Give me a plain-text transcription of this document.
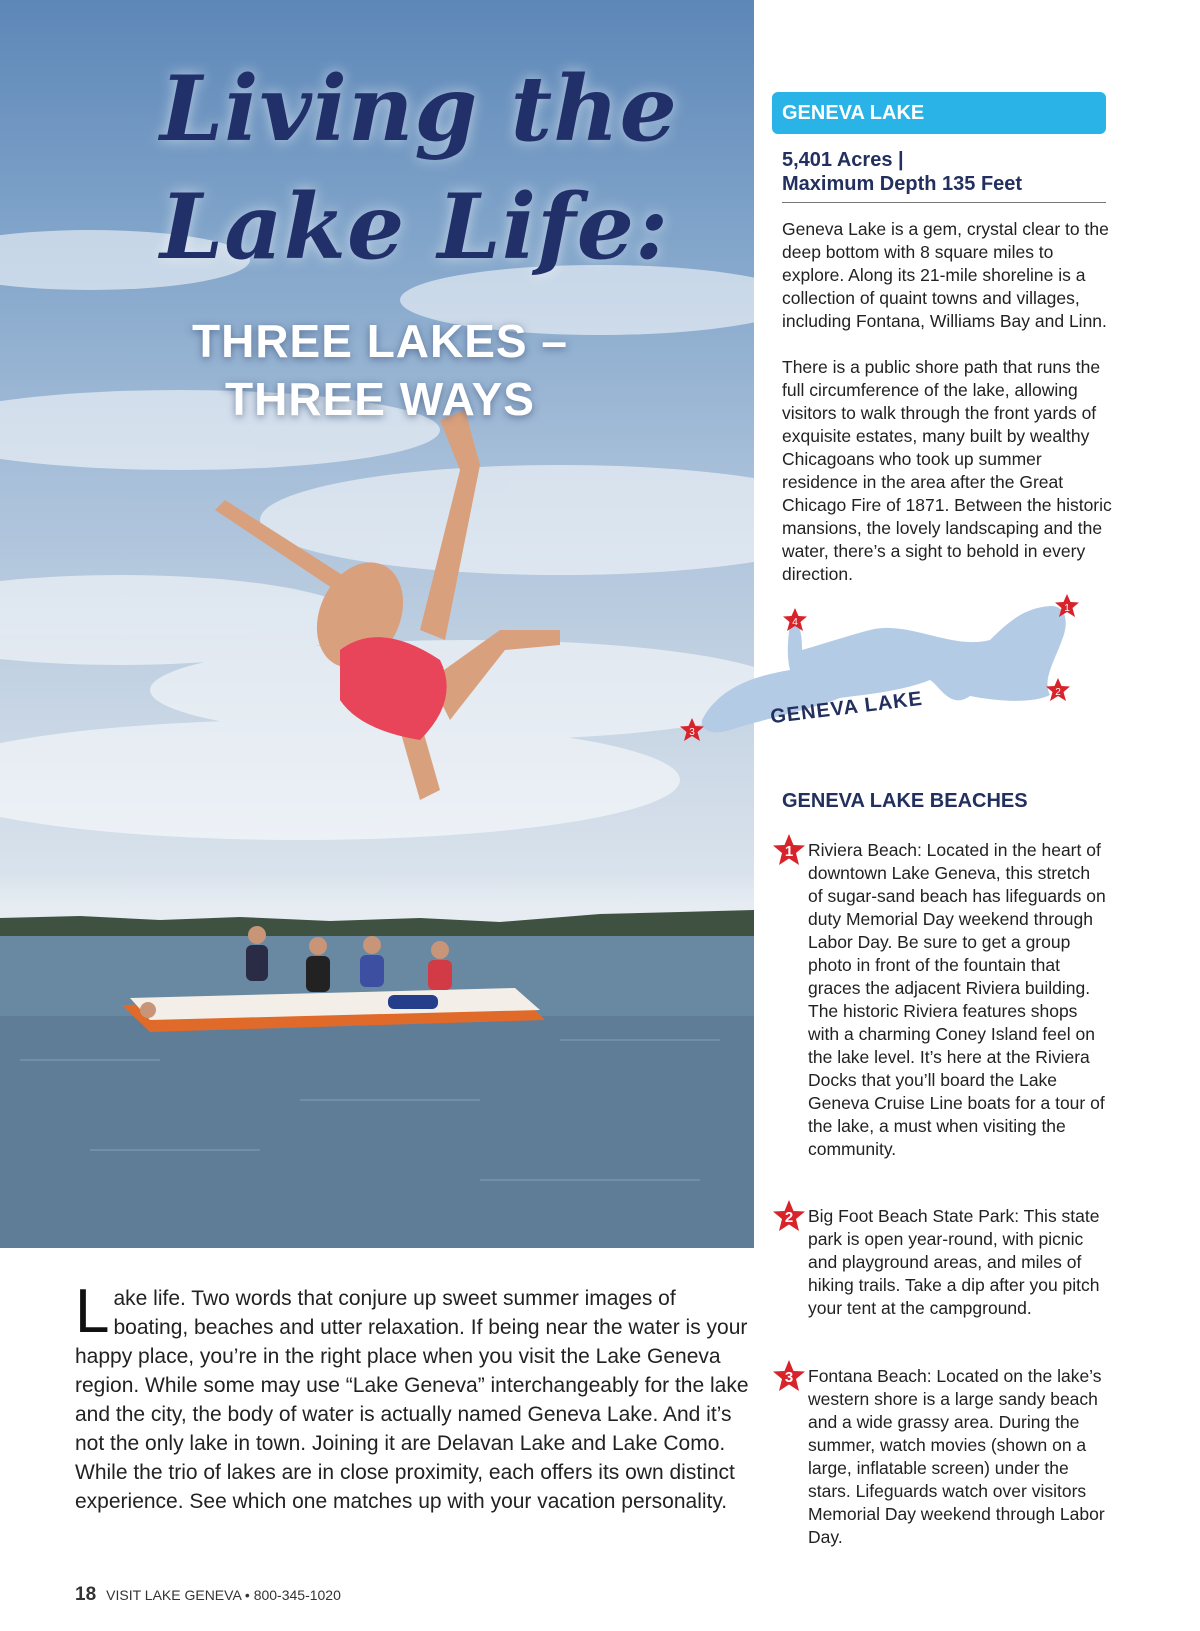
Living the
Lake Life:
THREE LAKES –
THREE WAYS
GENEVA LAKE
5,401 Acres |
Maximum Depth 135 Feet

Geneva Lake is a gem, crystal clear to the deep bottom with 8 square miles to explore. Along its 21-mile shoreline is a collection of quaint towns and villages, including Fontana, Williams Bay and Linn.

There is a public shore path that runs the full circumference of the lake, allowing visitors to walk through the front yards of exquisite estates, many built by wealthy Chicagoans who took up summer residence in the area after the Great Chicago Fire of 1871. Between the historic mansions, the lovely landscaping and the water, there’s a sight to behold in every direction.

1
2
3
4
GENEVA LAKE
GENEVA LAKE BEACHES
1 Riviera Beach: Located in the heart of downtown Lake Geneva, this stretch of sugar-sand beach has lifeguards on duty Memorial Day weekend through Labor Day. Be sure to get a group photo in front of the fountain that graces the adjacent Riviera building. The historic Riviera features shops with a charming Coney Island feel on the lake level. It’s here at the Riviera Docks that you’ll board the Lake Geneva Cruise Line boats for a tour of the lake, a must when visiting the community.
2 Big Foot Beach State Park: This state park is open year-round, with picnic and playground areas, and miles of hiking trails. Take a dip after you pitch your tent at the campground.
3 Fontana Beach: Located on the lake’s western shore is a large sandy beach and a wide grassy area. During the summer, watch movies (shown on a large, inflatable screen) under the stars. Lifeguards watch over visitors Memorial Day weekend through Labor Day.
Lake life. Two words that conjure up sweet summer images of boating, beaches and utter relaxation. If being near the water is your happy place, you’re in the right place when you visit the Lake Geneva region. While some may use “Lake Geneva” interchangeably for the lake and the city, the body of water is actually named Geneva Lake. And it’s not the only lake in town. Joining it are Delavan Lake and Lake Como. While the trio of lakes are in close proximity, each offers its own distinct experience. See which one matches up with your vacation personality.
18 VISIT LAKE GENEVA • 800-345-1020
